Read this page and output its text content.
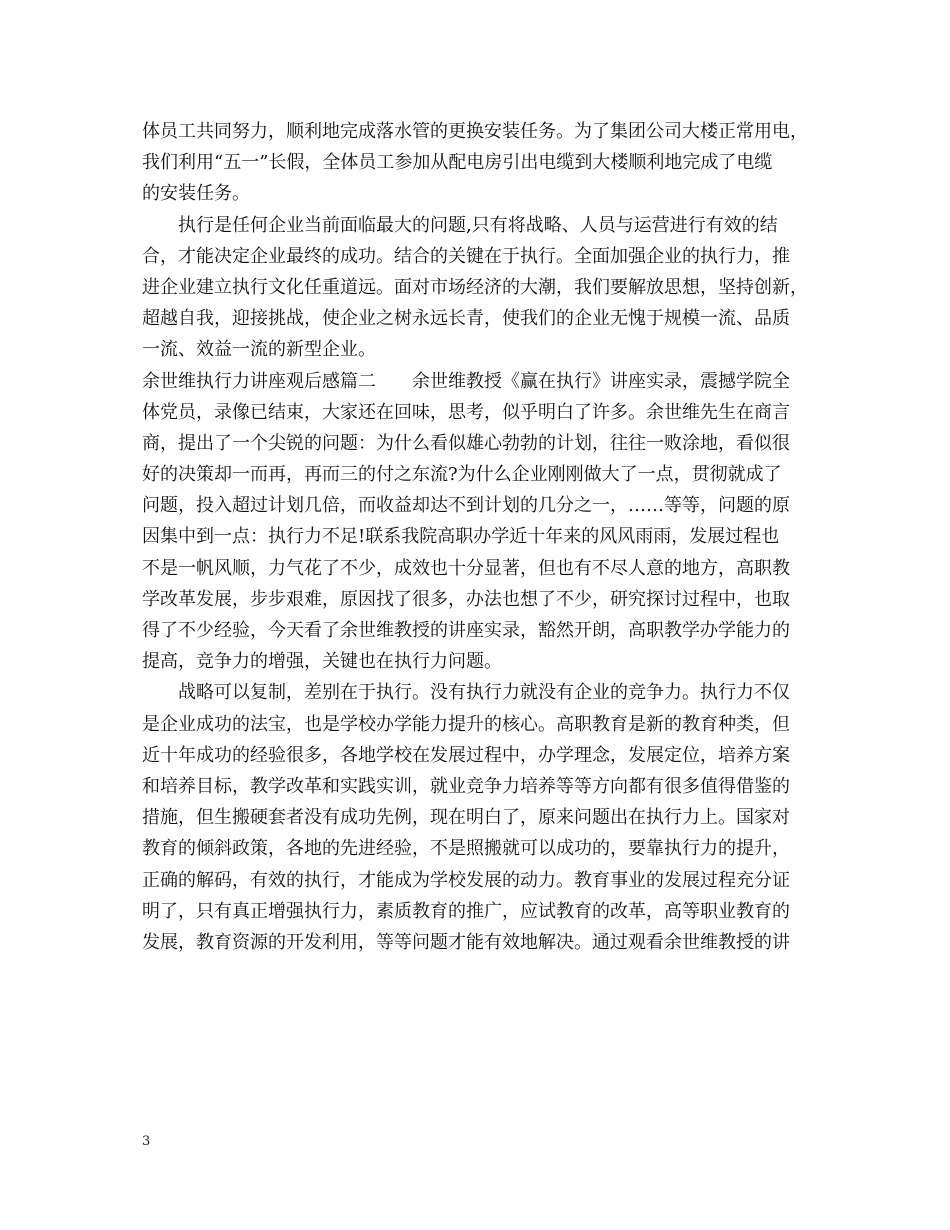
体员工共同努力，顺利地完成落水管的更换安装任务。为了集团公司大楼正常用电，
我们利用“五一”长假，全体员工参加从配电房引出电缆到大楼顺利地完成了电缆
的安装任务。
执行是任何企业当前面临最大的问题,只有将战略、人员与运营进行有效的结
合，才能决定企业最终的成功。结合的关键在于执行。全面加强企业的执行力，推
进企业建立执行文化任重道远。面对市场经济的大潮，我们要解放思想，坚持创新，
超越自我，迎接挑战，使企业之树永远长青，使我们的企业无愧于规模一流、品质
一流、效益一流的新型企业。
余世维执行力讲座观后感篇二　　余世维教授《赢在执行》讲座实录，震撼学院全
体党员，录像已结束，大家还在回味，思考，似乎明白了许多。余世维先生在商言
商，提出了一个尖锐的问题：为什么看似雄心勃勃的计划，往往一败涂地，看似很
好的决策却一而再，再而三的付之东流?为什么企业刚刚做大了一点，贯彻就成了
问题，投入超过计划几倍，而收益却达不到计划的几分之一，……等等，问题的原
因集中到一点：执行力不足!联系我院高职办学近十年来的风风雨雨，发展过程也
不是一帆风顺，力气花了不少，成效也十分显著，但也有不尽人意的地方，高职教
学改革发展，步步艰难，原因找了很多，办法也想了不少，研究探讨过程中，也取
得了不少经验，今天看了余世维教授的讲座实录，豁然开朗，高职教学办学能力的
提高，竞争力的增强，关键也在执行力问题。
战略可以复制，差别在于执行。没有执行力就没有企业的竞争力。执行力不仅
是企业成功的法宝，也是学校办学能力提升的核心。高职教育是新的教育种类，但
近十年成功的经验很多，各地学校在发展过程中，办学理念，发展定位，培养方案
和培养目标，教学改革和实践实训，就业竞争力培养等等方向都有很多值得借鉴的
措施，但生搬硬套者没有成功先例，现在明白了，原来问题出在执行力上。国家对
教育的倾斜政策，各地的先进经验，不是照搬就可以成功的，要靠执行力的提升，
正确的解码，有效的执行，才能成为学校发展的动力。教育事业的发展过程充分证
明了，只有真正增强执行力，素质教育的推广，应试教育的改革，高等职业教育的
发展，教育资源的开发利用，等等问题才能有效地解决。通过观看余世维教授的讲
3
